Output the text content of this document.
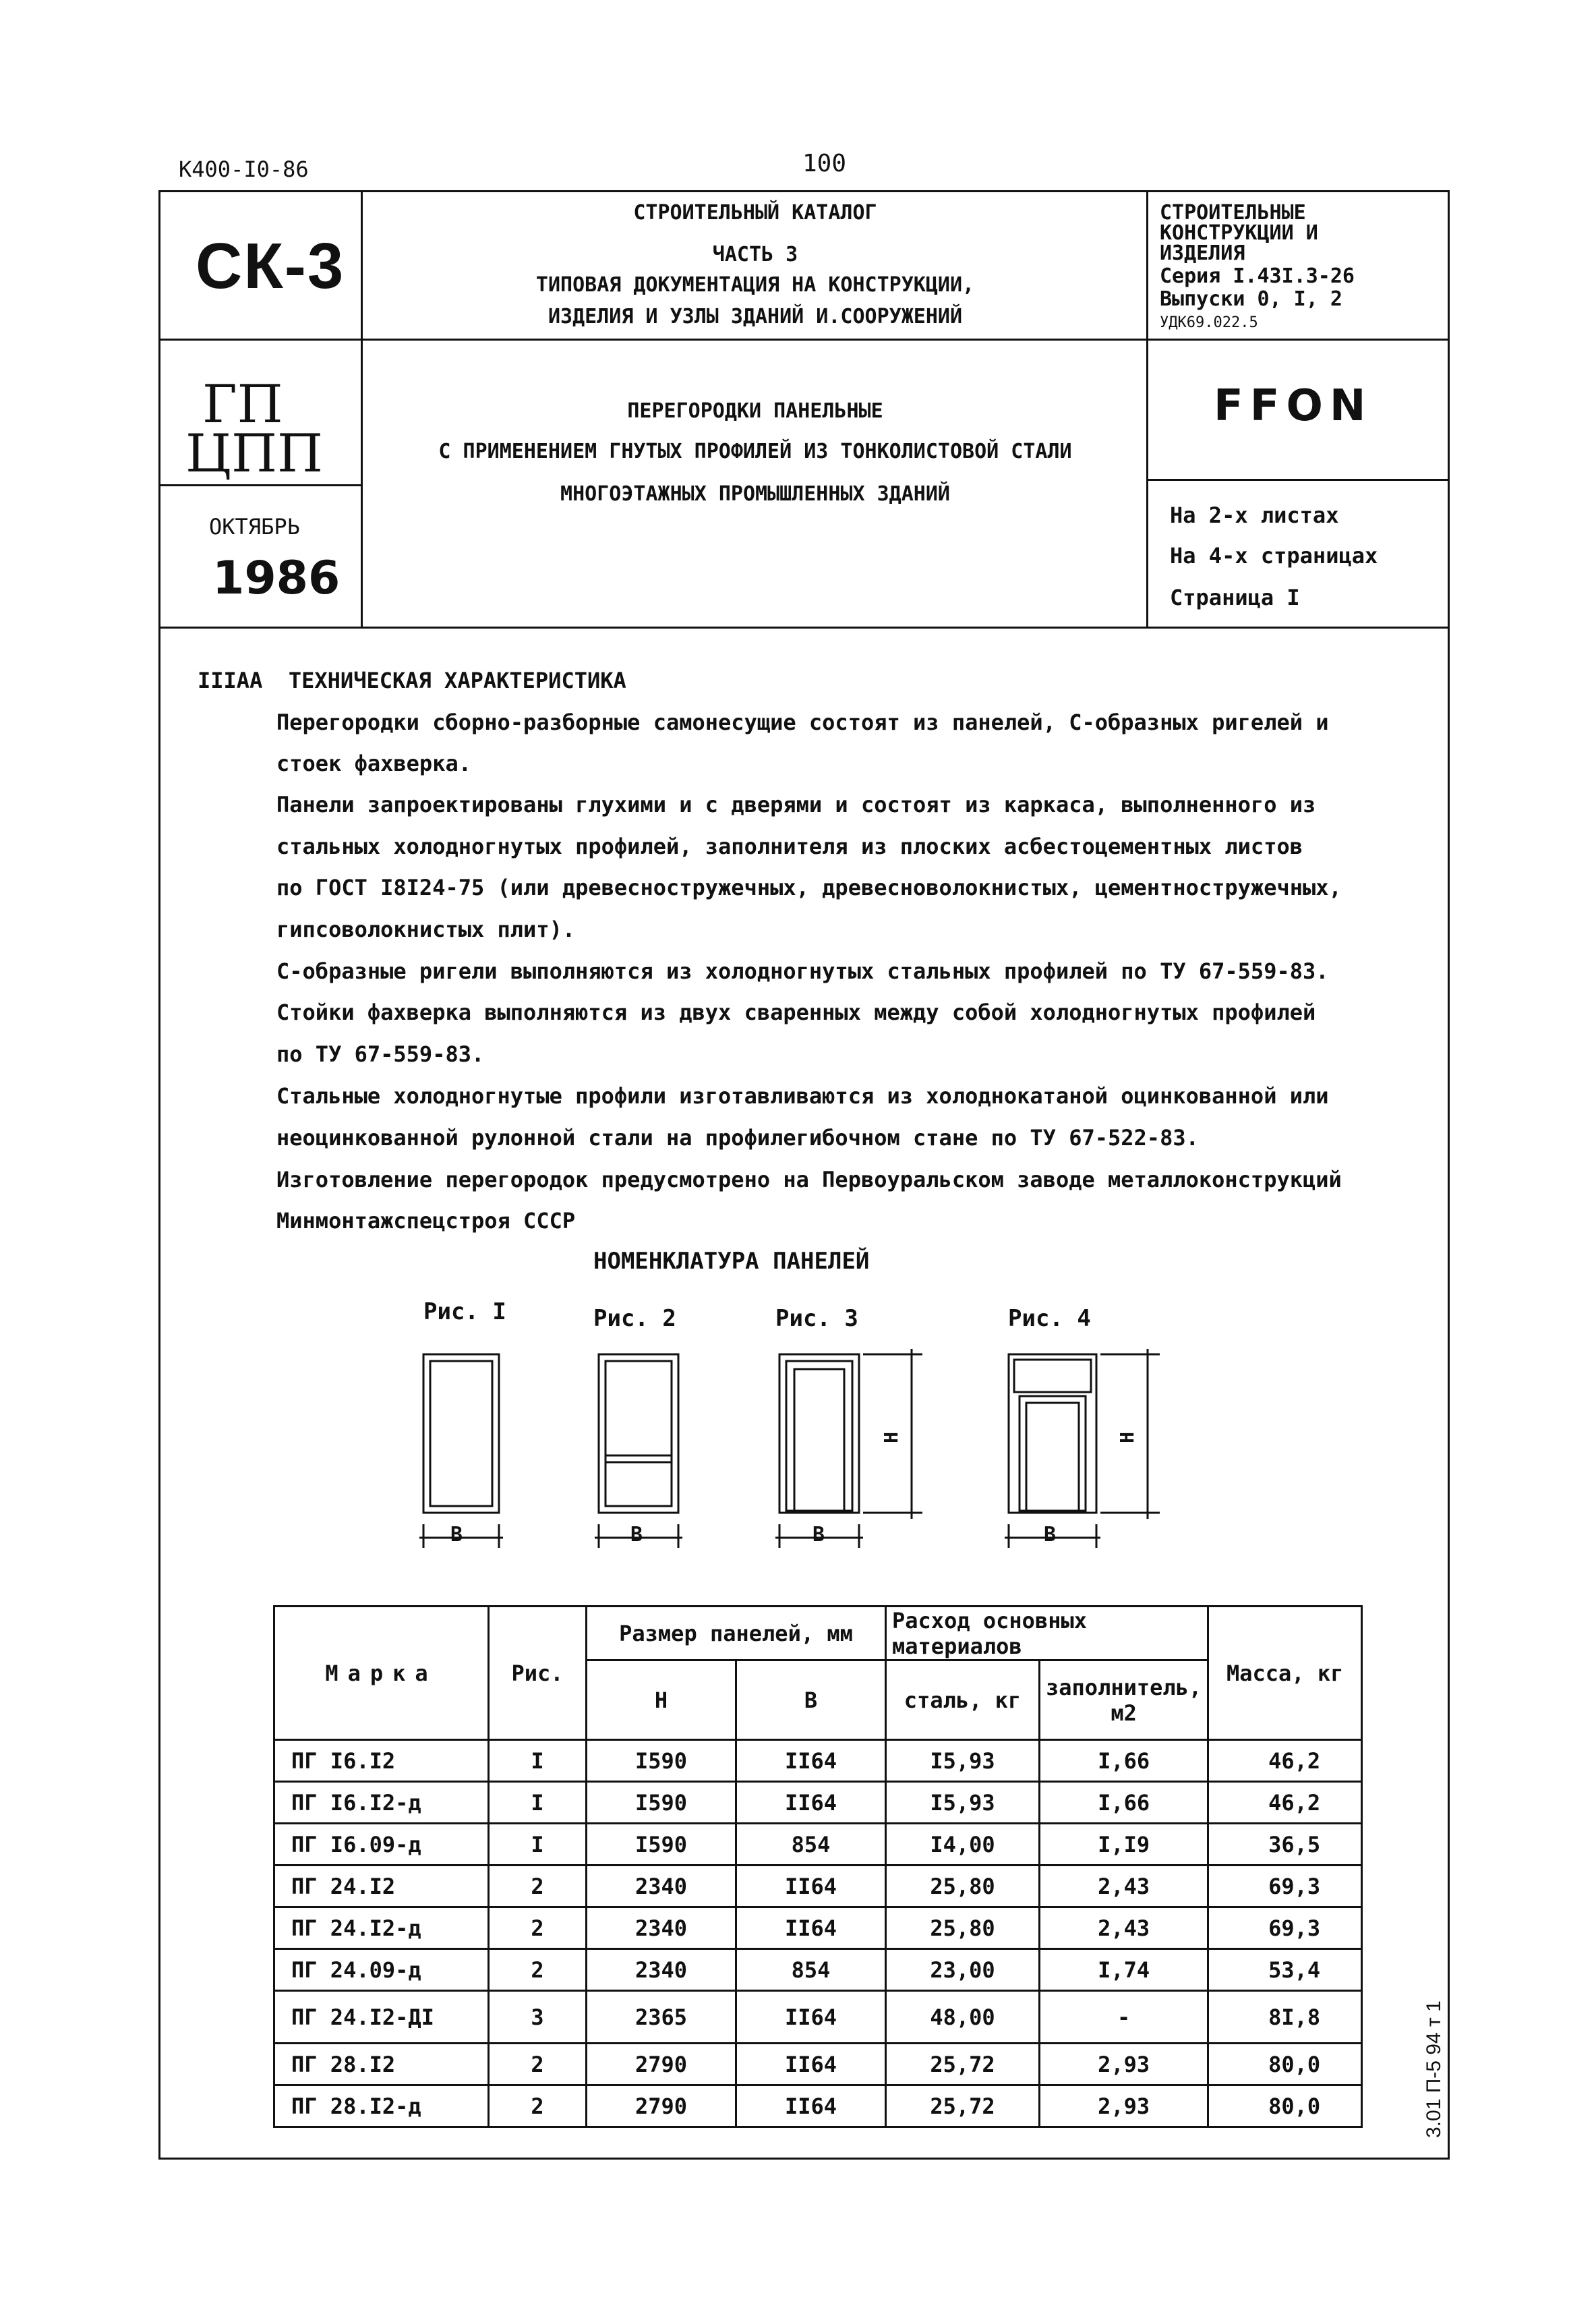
К400-I0-86	100
СК-3
СТРОИТЕЛЬНЫЙ КАТАЛОГ
ЧАСТЬ 3
ТИПОВАЯ ДОКУМЕНТАЦИЯ НА КОНСТРУКЦИИ,
ИЗДЕЛИЯ И УЗЛЫ ЗДАНИЙ И.СООРУЖЕНИЙ
СТРОИТЕЛЬНЫЕ
КОНСТРУКЦИИ И
ИЗДЕЛИЯ
Серия I.43I.3-26
Выпуски 0, I, 2
УДК69.022.5
ГП
ЦПП
ОКТЯБРЬ
1986
ПЕРЕГОРОДКИ ПАНЕЛЬНЫЕ
С ПРИМЕНЕНИЕМ ГНУТЫХ ПРОФИЛЕЙ ИЗ ТОНКОЛИСТОВОЙ СТАЛИ
МНОГОЭТАЖНЫХ ПРОМЫШЛЕННЫХ ЗДАНИЙ
FFON
На 2-х листах
На 4-х страницах
Страница I
IIIАА ТЕХНИЧЕСКАЯ ХАРАКТЕРИСТИКА
Перегородки сборно-разборные самонесущие состоят из панелей, С-образных ригелей и
стоек фахверка.
Панели запроектированы глухими и с дверями и состоят из каркаса, выполненного из
стальных холодногнутых профилей, заполнителя из плоских асбестоцементных листов
по ГОСТ I8I24-75 (или древесностружечных, древесноволокнистых, цементностружечных,
гипсоволокнистых плит).
С-образные ригели выполняются из холодногнутых стальных профилей по ТУ 67-559-83.
Стойки фахверка выполняются из двух сваренных между собой холодногнутых профилей
по ТУ 67-559-83.
Стальные холодногнутые профили изготавливаются из холоднокатаной оцинкованной или
неоцинкованной рулонной стали на профилегибочном стане по ТУ 67-522-83.
Изготовление перегородок предусмотрено на Первоуральском заводе металлоконструкций
Минмонтажспецстроя СССР
НОМЕНКЛАТУРА ПАНЕЛЕЙ
Рис. I	Рис. 2	Рис. 3	Рис. 4
В	В	В	В
Н	Н
Марка	Рис.	Размер панелей, мм		Расход основных материалов		Масса, кг
		Н	В	сталь, кг	заполнитель, м2	
ПГ I6.I2	I	I590	II64	I5,93	I,66	46,2
ПГ I6.I2-д	I	I590	II64	I5,93	I,66	46,2
ПГ I6.09-д	I	I590	854	I4,00	I,I9	36,5
ПГ 24.I2	2	2340	II64	25,80	2,43	69,3
ПГ 24.I2-д	2	2340	II64	25,80	2,43	69,3
ПГ 24.09-д	2	2340	854	23,00	I,74	53,4
ПГ 24.I2-ДI	3	2365	II64	48,00	-	8I,8
ПГ 28.I2	2	2790	II64	25,72	2,93	80,0
ПГ 28.I2-д	2	2790	II64	25,72	2,93	80,0	3.01 П-5 94 т 1
